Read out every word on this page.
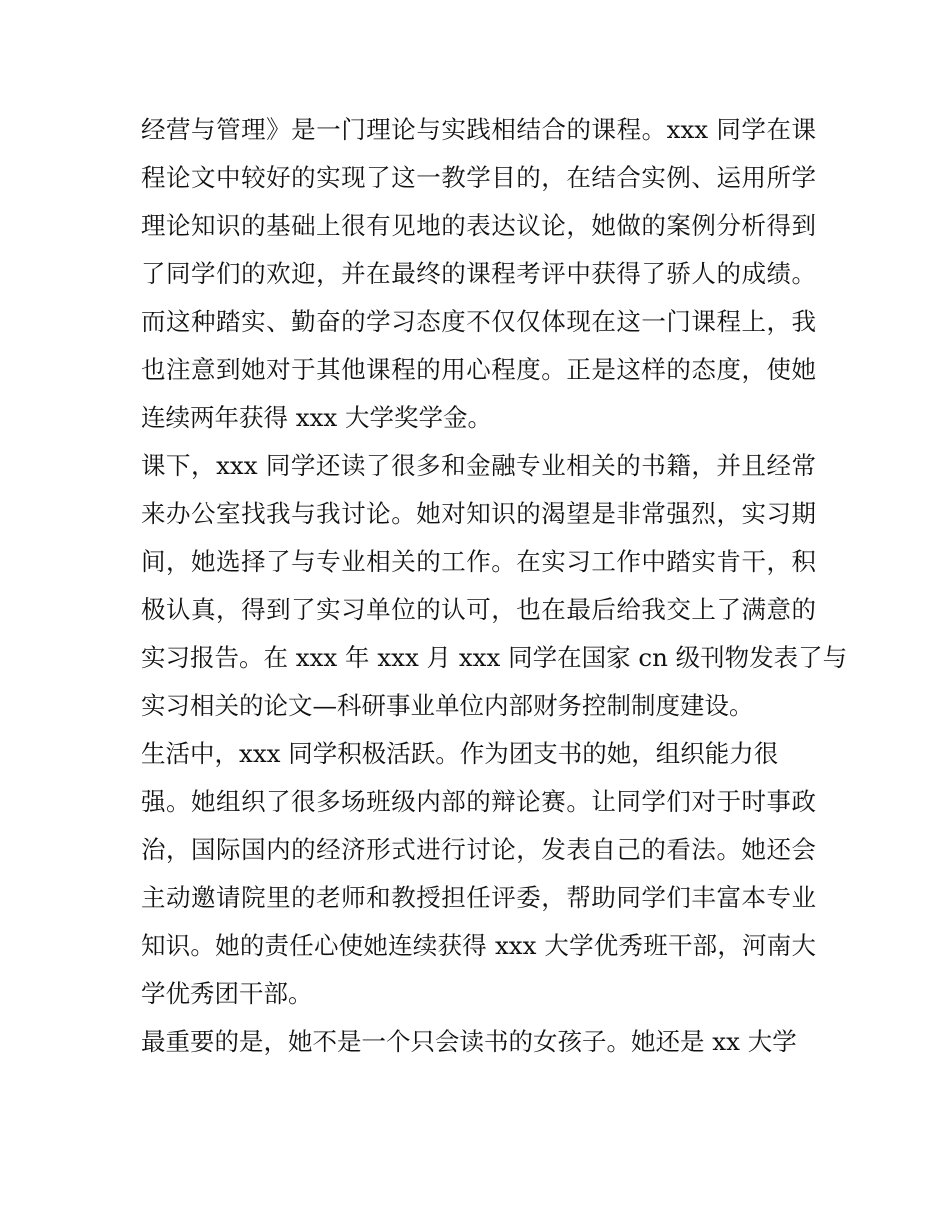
经营与管理》是一门理论与实践相结合的课程。xxx 同学在课
程论文中较好的实现了这一教学目的，在结合实例、运用所学
理论知识的基础上很有见地的表达议论，她做的案例分析得到
了同学们的欢迎，并在最终的课程考评中获得了骄人的成绩。
而这种踏实、勤奋的学习态度不仅仅体现在这一门课程上，我
也注意到她对于其他课程的用心程度。正是这样的态度，使她
连续两年获得 xxx 大学奖学金。
课下，xxx 同学还读了很多和金融专业相关的书籍，并且经常
来办公室找我与我讨论。她对知识的渴望是非常强烈，实习期
间，她选择了与专业相关的工作。在实习工作中踏实肯干，积
极认真，得到了实习单位的认可，也在最后给我交上了满意的
实习报告。在 xxx 年 xxx 月 xxx 同学在国家 cn 级刊物发表了与
实习相关的论文—科研事业单位内部财务控制制度建设。
生活中，xxx 同学积极活跃。作为团支书的她，组织能力很
强。她组织了很多场班级内部的辩论赛。让同学们对于时事政
治，国际国内的经济形式进行讨论，发表自己的看法。她还会
主动邀请院里的老师和教授担任评委，帮助同学们丰富本专业
知识。她的责任心使她连续获得 xxx 大学优秀班干部，河南大
学优秀团干部。
最重要的是，她不是一个只会读书的女孩子。她还是 xx 大学
